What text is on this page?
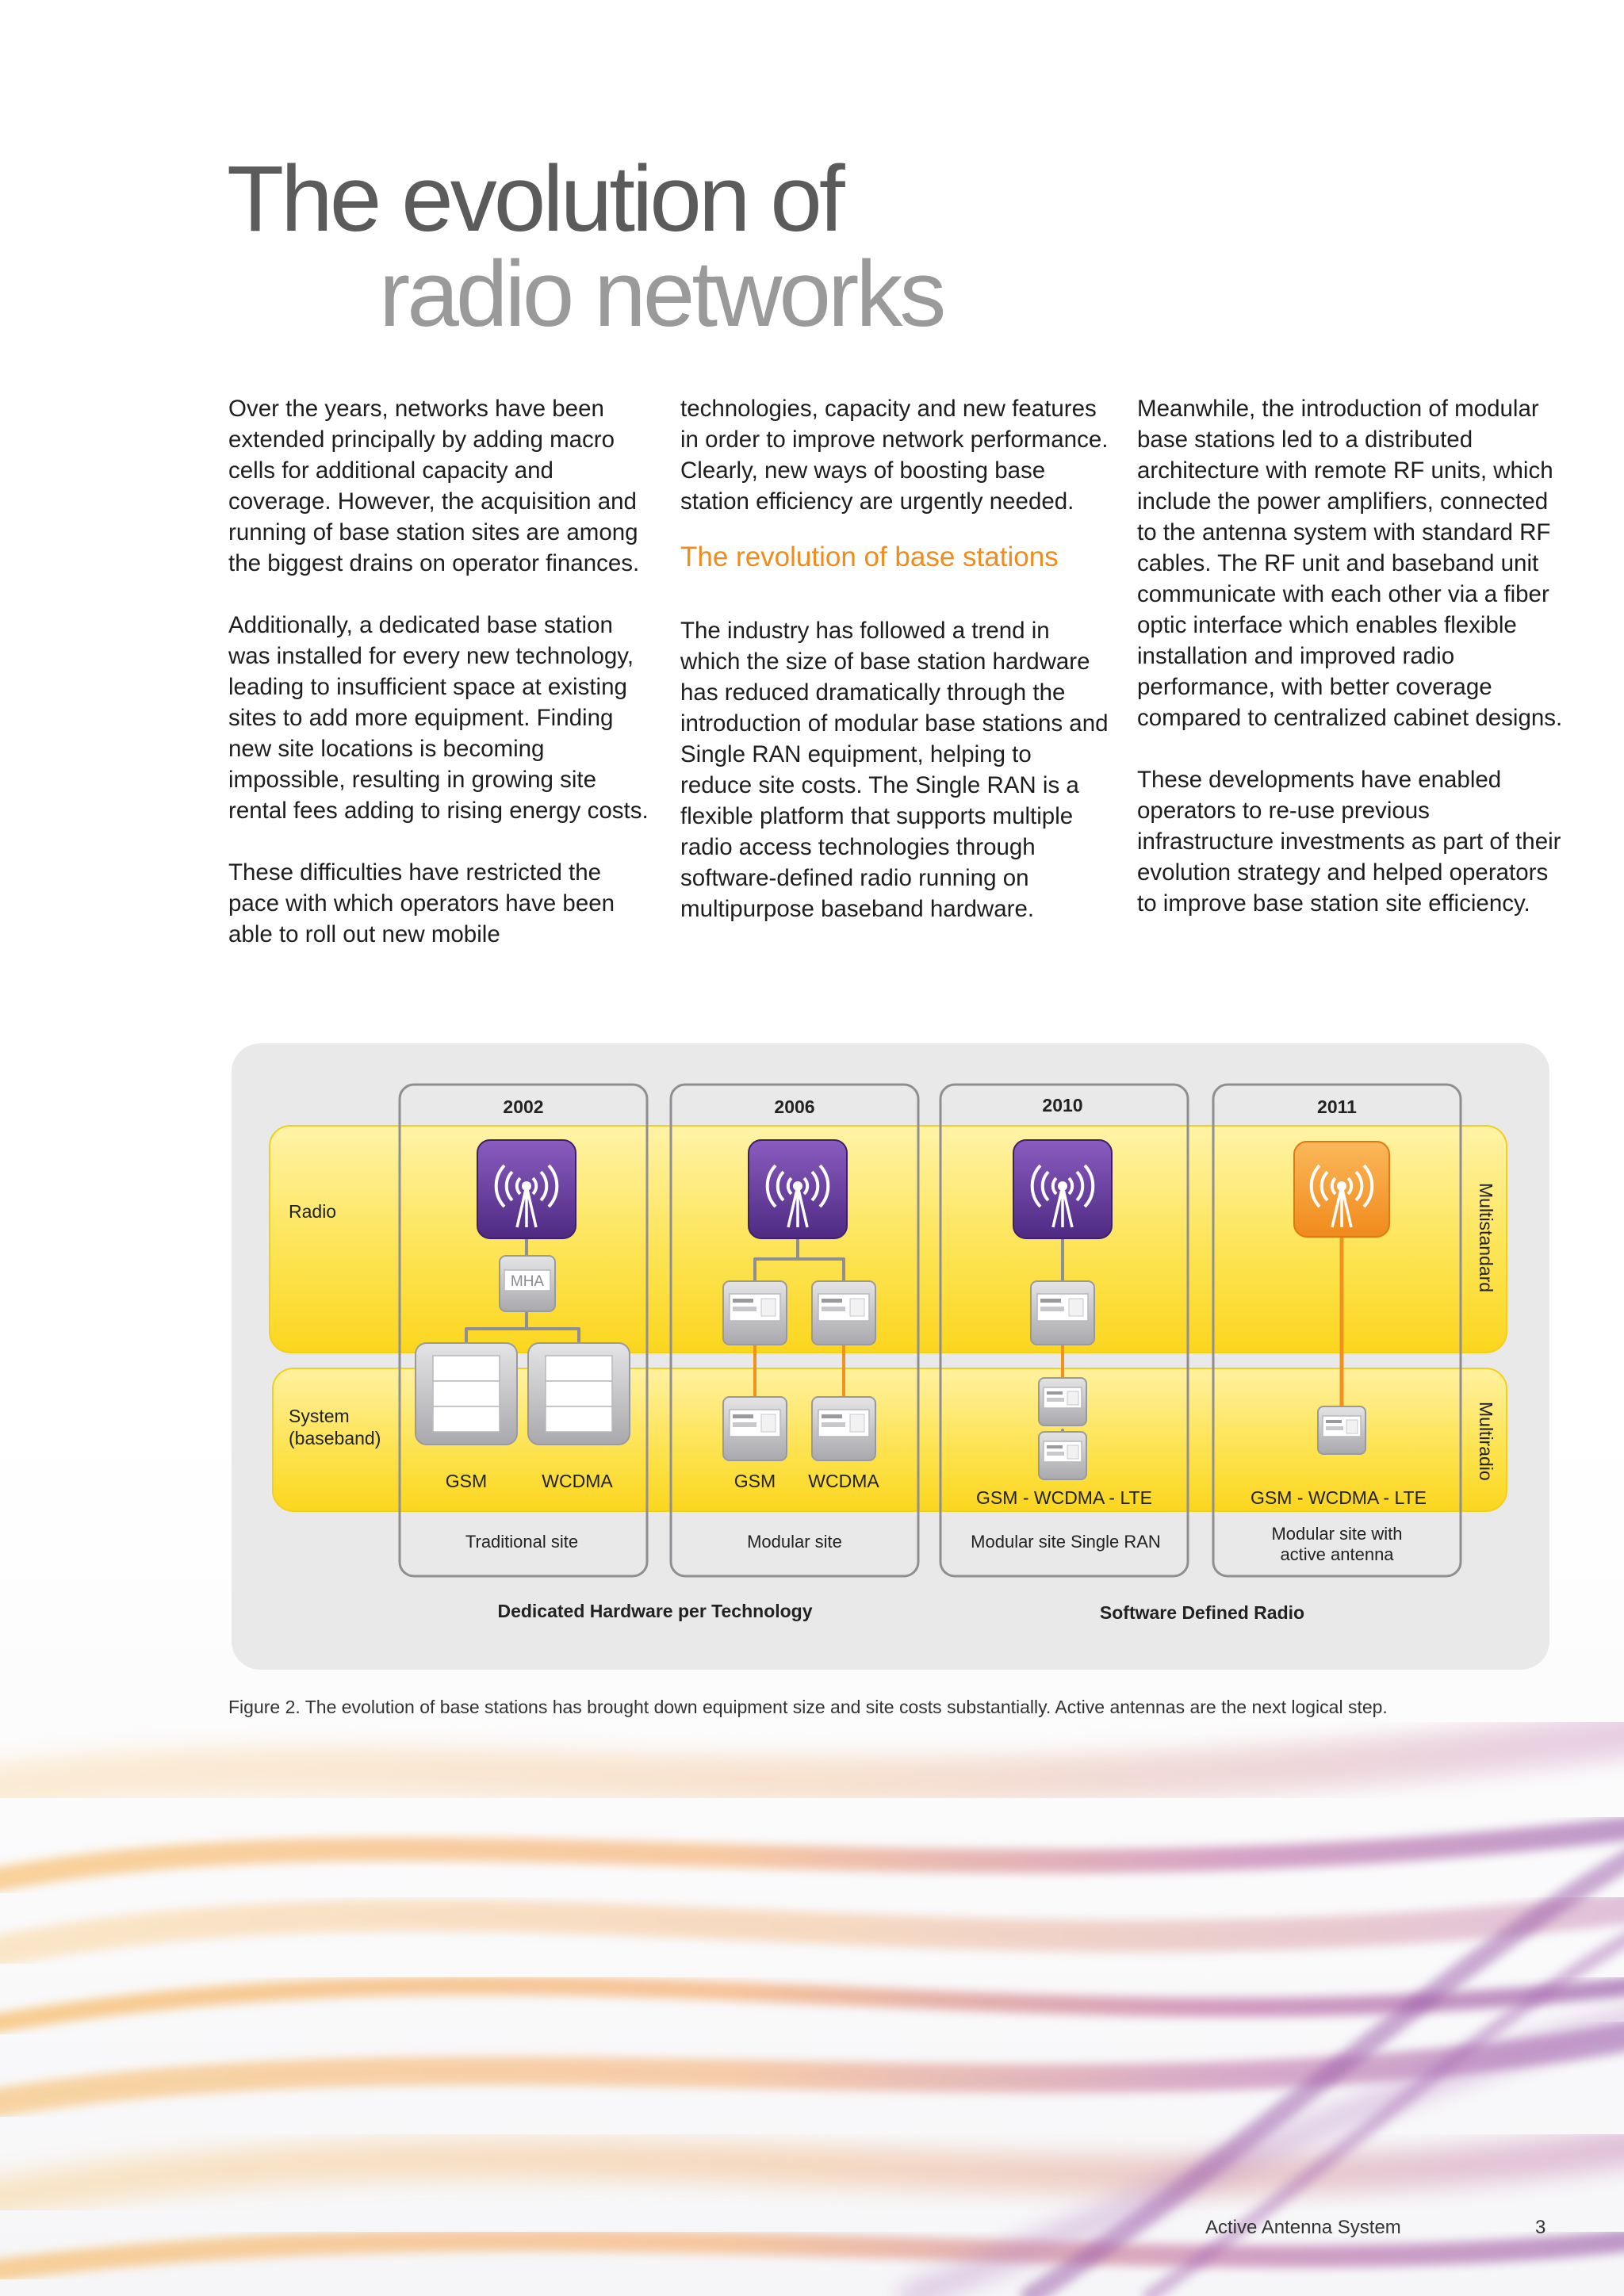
The evolution of
radio networks

Over the years, networks have been extended principally by adding macro cells for additional capacity and coverage. However, the acquisition and running of base station sites are among the biggest drains on operator finances.

Additionally, a dedicated base station was installed for every new technology, leading to insufficient space at existing sites to add more equipment. Finding new site locations is becoming impossible, resulting in growing site rental fees adding to rising energy costs.

These difficulties have restricted the pace with which operators have been able to roll out new mobile

technologies, capacity and new features in order to improve network performance. Clearly, new ways of boosting base station efficiency are urgently needed.

The revolution of base stations

The industry has followed a trend in which the size of base station hardware has reduced dramatically through the introduction of modular base stations and Single RAN equipment, helping to reduce site costs. The Single RAN is a flexible platform that supports multiple radio access technologies through software-defined radio running on multipurpose baseband hardware.

Meanwhile, the introduction of modular base stations led to a distributed architecture with remote RF units, which include the power amplifiers, connected to the antenna system with standard RF cables. The RF unit and baseband unit communicate with each other via a fiber optic interface which enables flexible installation and improved radio performance, with better coverage compared to centralized cabinet designs.

These developments have enabled operators to re-use previous infrastructure investments as part of their evolution strategy and helped operators to improve base station site efficiency.

Radio
System
(baseband)
Multistandard
Multiradio
2002	2006	2010	2011
MHA
GSM	WCDMA	GSM WCDMA
GSM - WCDMA - LTE	GSM - WCDMA - LTE
Traditional site	Modular site	Modular site Single RAN	Modular site with
active antenna
Dedicated Hardware per Technology	Software Defined Radio
Figure 2. The evolution of base stations has brought down equipment size and site costs substantially. Active antennas are the next logical step.
Active Antenna System	3
